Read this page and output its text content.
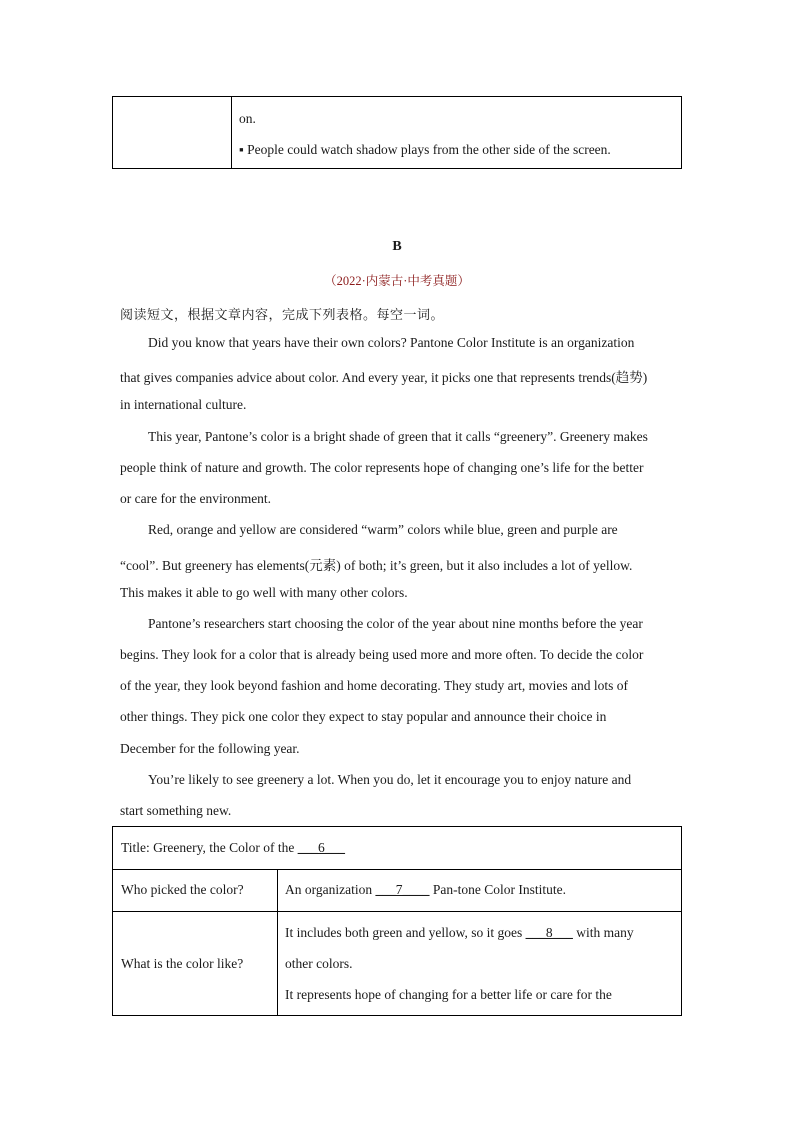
on.
▪ People could watch shadow plays from the other side of the screen.
B
（2022·内蒙古·中考真题）
阅读短文，根据文章内容，完成下列表格。每空一词。
Did you know that years have their own colors? Pantone Color Institute is an organization
that gives companies advice about color. And every year, it picks one that represents trends(趋势)
in international culture.
This year, Pantone’s color is a bright shade of green that it calls “greenery”. Greenery makes
people think of nature and growth. The color represents hope of changing one’s life for the better
or care for the environment.
Red, orange and yellow are considered “warm” colors while blue, green and purple are
“cool”. But greenery has elements(元素) of both; it’s green, but it also includes a lot of yellow.
This makes it able to go well with many other colors.
Pantone’s researchers start choosing the color of the year about nine months before the year
begins. They look for a color that is already being used more and more often. To decide the color
of the year, they look beyond fashion and home decorating. They study art, movies and lots of
other things. They pick one color they expect to stay popular and announce their choice in
December for the following year.
You’re likely to see greenery a lot. When you do, let it encourage you to enjoy nature and
start something new.
Title: Greenery, the Color of the ___6___
Who picked the color?	An organization ___7____ Pan-tone Color Institute.
What is the color like?
It includes both green and yellow, so it goes ___8___ with many
other colors.
It represents hope of changing for a better life or care for the
